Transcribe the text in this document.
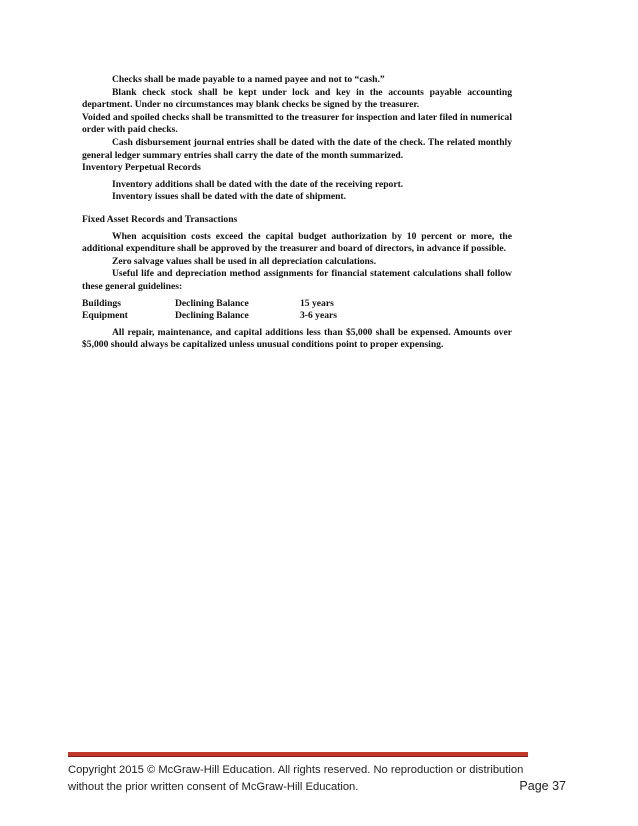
Checks shall be made payable to a named payee and not to “cash.”

Blank check stock shall be kept under lock and key in the accounts payable accounting department. Under no circumstances may blank checks be signed by the treasurer.

Voided and spoiled checks shall be transmitted to the treasurer for inspection and later filed in numerical order with paid checks.

Cash disbursement journal entries shall be dated with the date of the check. The related monthly general ledger summary entries shall carry the date of the month summarized.

Inventory Perpetual Records

Inventory additions shall be dated with the date of the receiving report.

Inventory issues shall be dated with the date of shipment.

Fixed Asset Records and Transactions

When acquisition costs exceed the capital budget authorization by 10 percent or more, the additional expenditure shall be approved by the treasurer and board of directors, in advance if possible.

Zero salvage values shall be used in all depreciation calculations.

Useful life and depreciation method assignments for financial statement calculations shall follow these general guidelines:

Buildings	Declining Balance	15 years
Equipment	Declining Balance	3-6 years

All repair, maintenance, and capital additions less than $5,000 shall be expensed. Amounts over $5,000 should always be capitalized unless unusual conditions point to proper expensing.

Copyright 2015 © McGraw-Hill Education. All rights reserved. No reproduction or distribution
without the prior written consent of McGraw-Hill Education.	Page 37
